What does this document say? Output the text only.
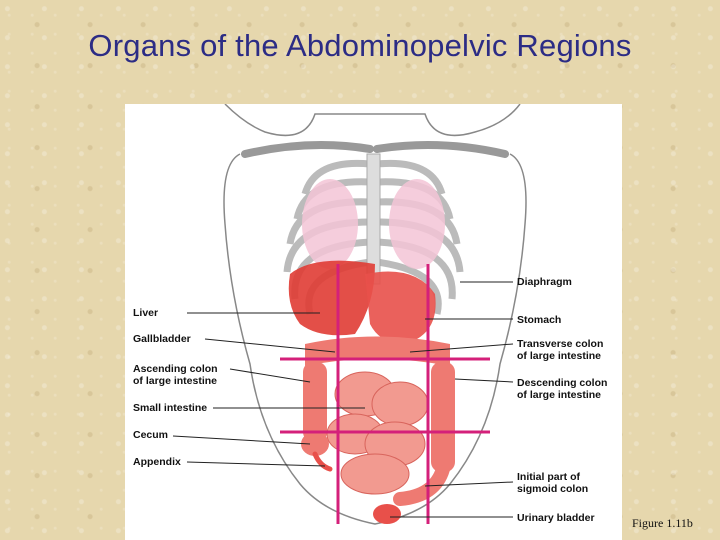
Organs of the Abdominopelvic Regions
Liver
Gallbladder
Ascending colon
of large intestine
Small intestine
Cecum
Appendix
Diaphragm
Stomach
Transverse colon
of large intestine
Descending colon
of large intestine
Initial part of
sigmoid colon
Urinary bladder	Figure 1.11b
